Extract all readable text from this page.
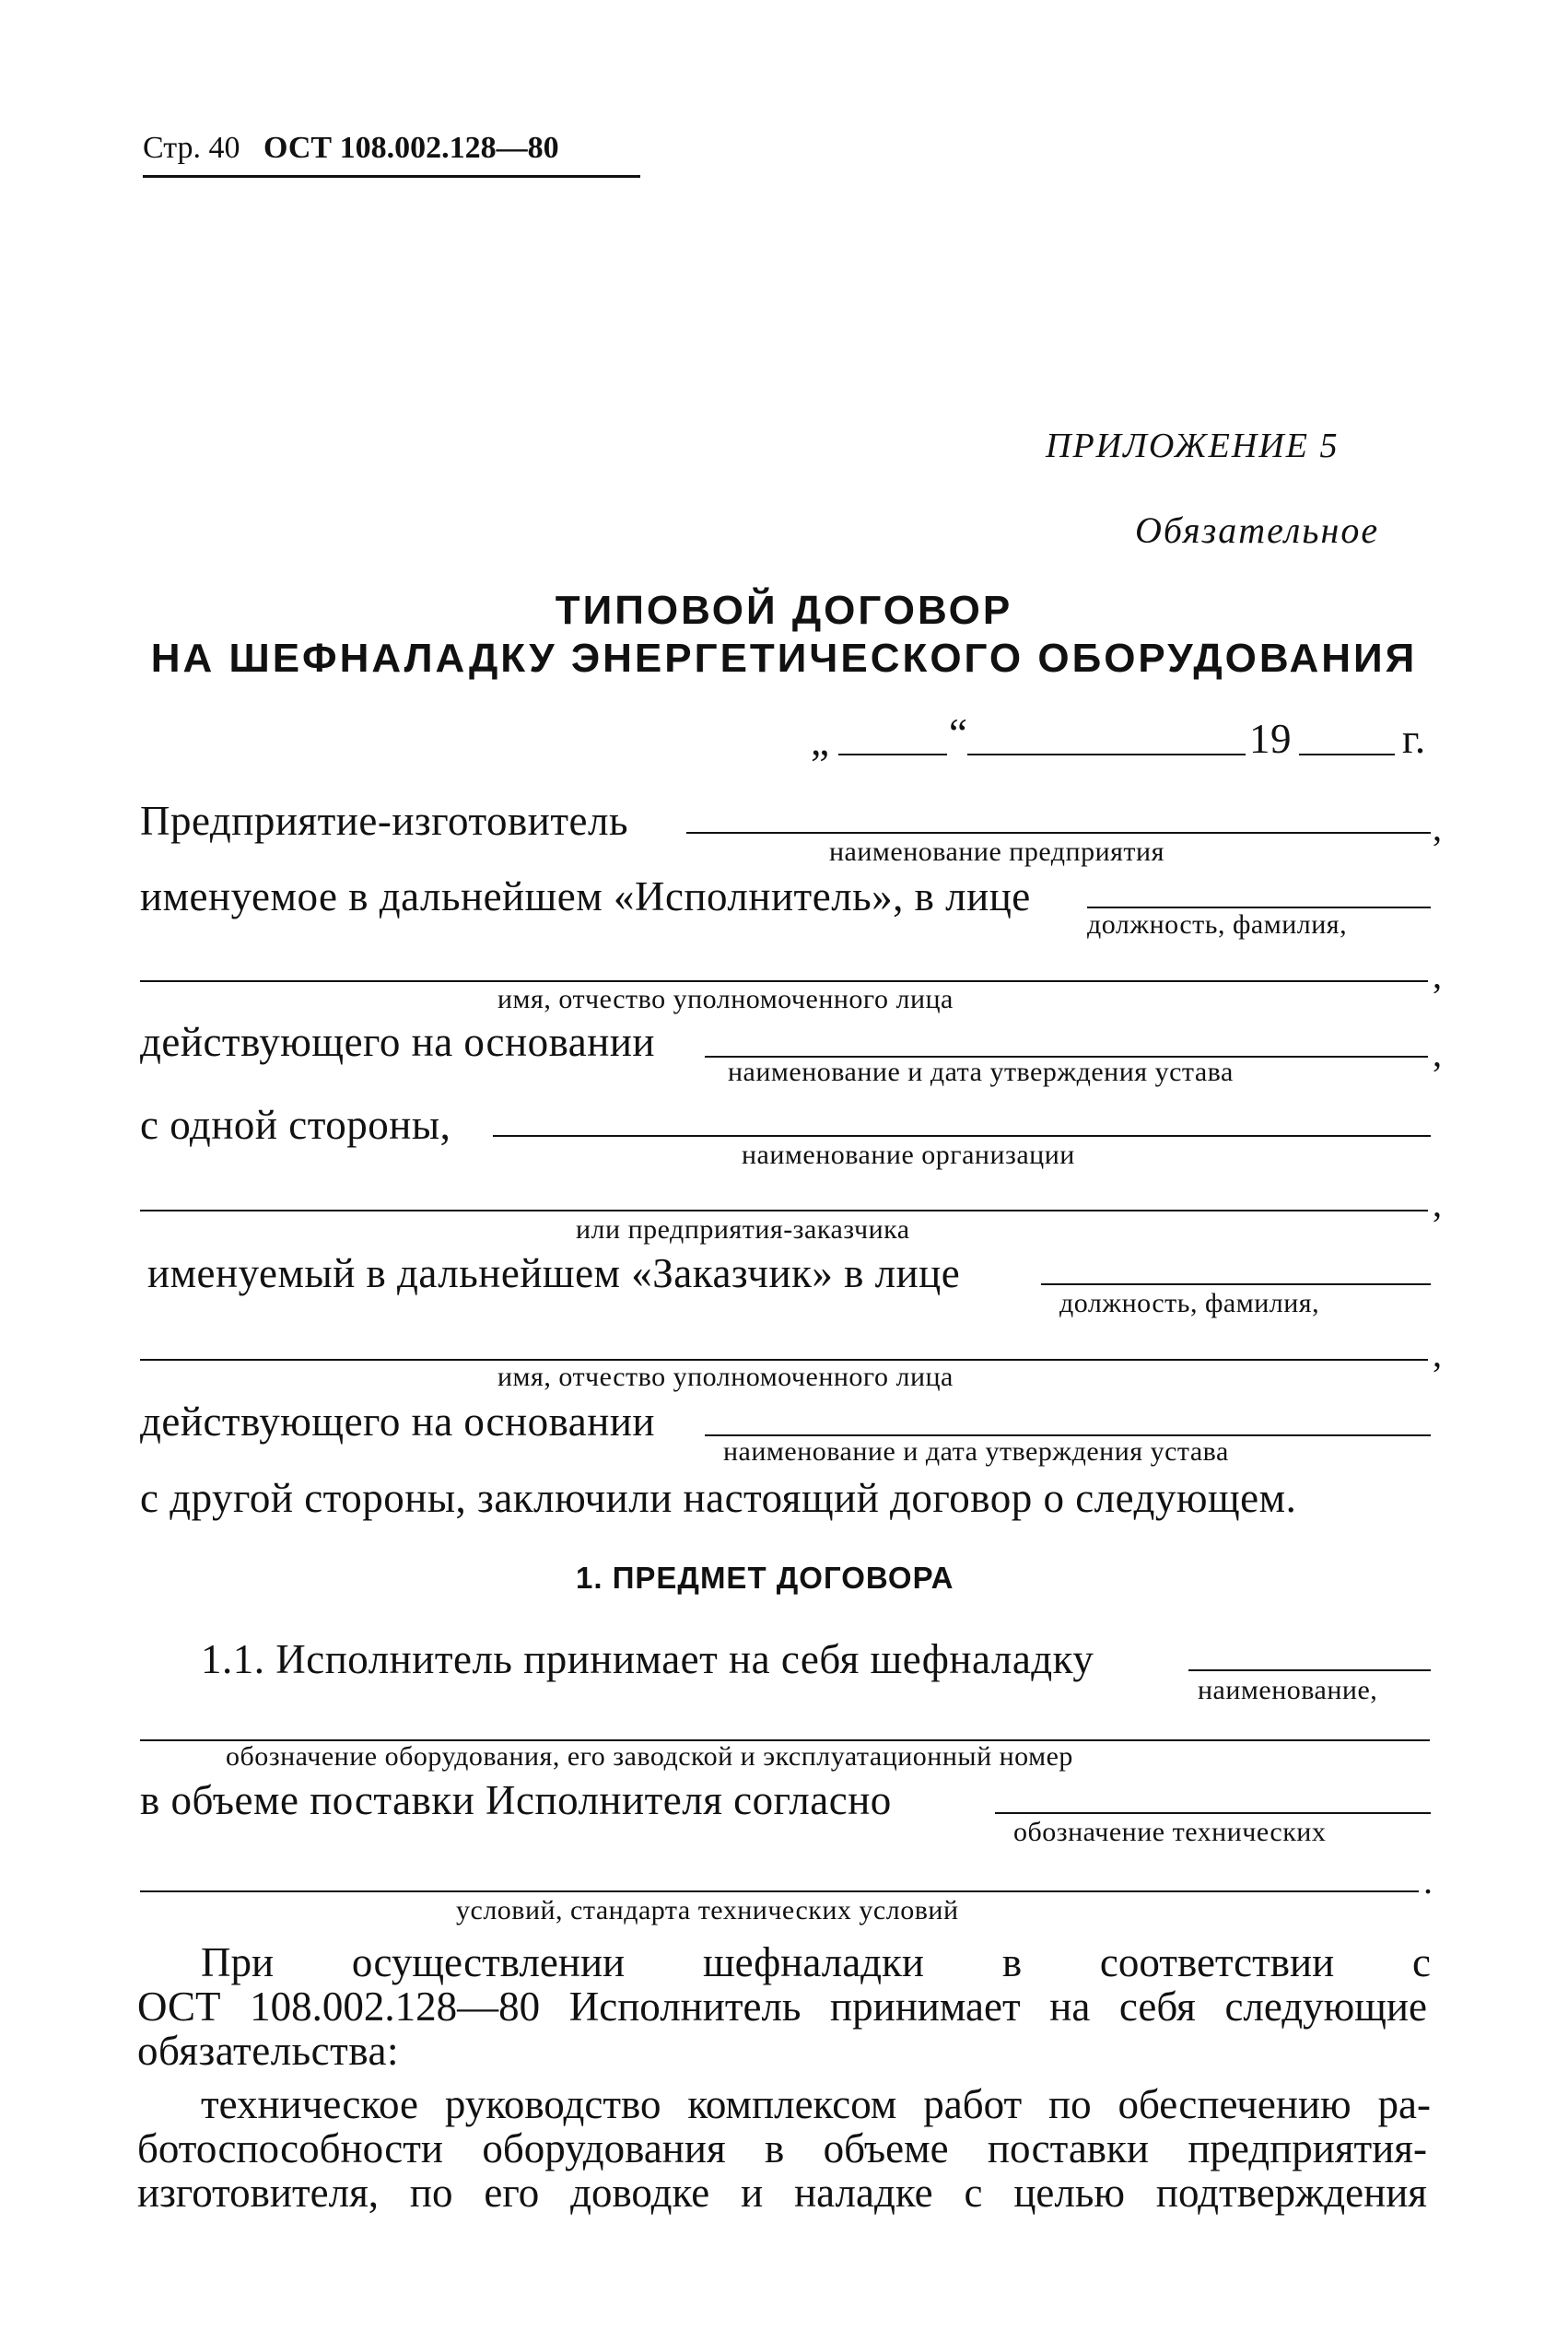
Стр. 40 ОСТ 108.002.128—80
ПРИЛОЖЕНИЕ 5
Обязательное
ТИПОВОЙ ДОГОВОР
НА ШЕФНАЛАДКУ ЭНЕРГЕТИЧЕСКОГО ОБОРУДОВАНИЯ
„	“	19	г.
Предприятие-изготовитель	,
наименование предприятия
именуемое в дальнейшем «Исполнитель», в лице
должность, фамилия,
,
имя, отчество уполномоченного лица
действующего на основании	,
наименование и дата утверждения устава
с одной стороны,
наименование организации
,
или предприятия-заказчика
именуемый в дальнейшем «Заказчик» в лице
должность, фамилия,
,
имя, отчество уполномоченного лица
действующего на основании
наименование и дата утверждения устава
с другой стороны, заключили настоящий договор о следующем.
1. ПРЕДМЕТ ДОГОВОРА
1.1. Исполнитель принимает на себя шефналадку
наименование,
обозначение оборудования, его заводской и эксплуатационный номер
в объеме поставки Исполнителя согласно
обозначение технических
.
условий, стандарта технических условий
При осуществлении шефналадки в соответствии с
ОСТ 108.002.128—80 Исполнитель принимает на себя следующие
обязательства:
техническое руководство комплексом работ по обеспечению ра-
ботоспособности оборудования в объеме поставки предприятия-
изготовителя, по его доводке и наладке с целью подтверждения
